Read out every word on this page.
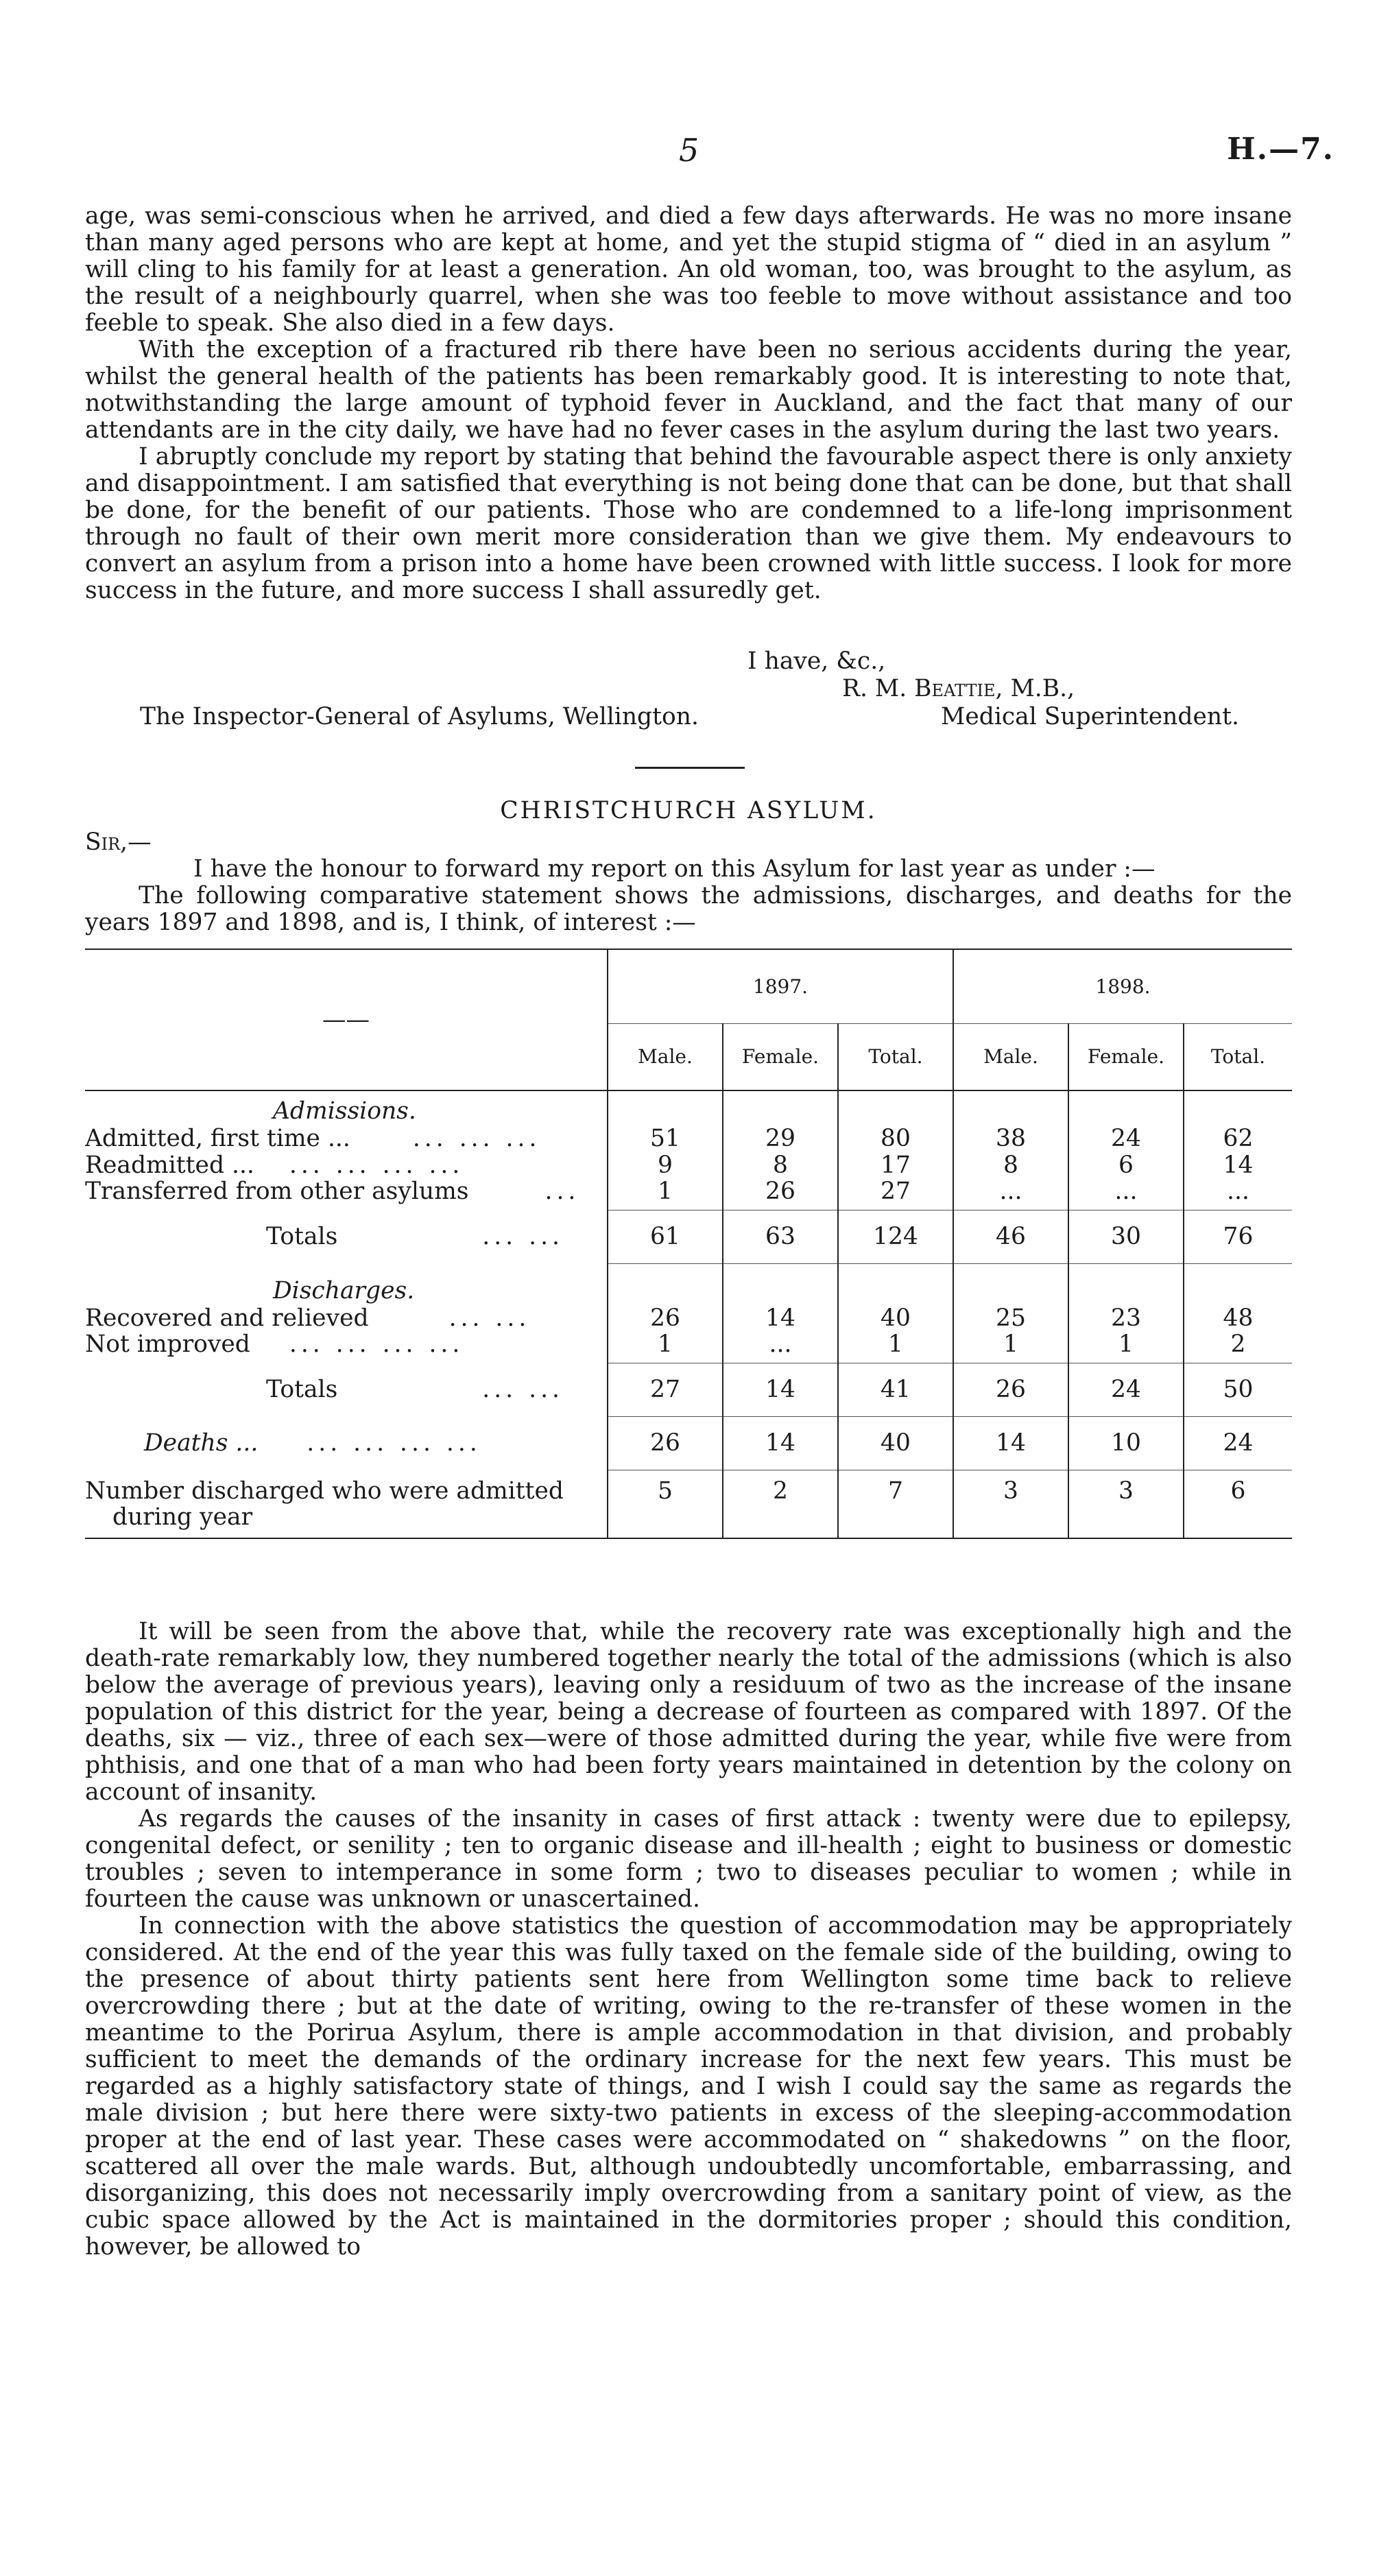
5	H.—7.

age, was semi-conscious when he arrived, and died a few days afterwards. He was no more insane than many aged persons who are kept at home, and yet the stupid stigma of “ died in an asylum ” will cling to his family for at least a generation. An old woman, too, was brought to the asylum, as the result of a neighbourly quarrel, when she was too feeble to move without assistance and too feeble to speak. She also died in a few days.

With the exception of a fractured rib there have been no serious accidents during the year, whilst the general health of the patients has been remarkably good. It is interesting to note that, notwithstanding the large amount of typhoid fever in Auckland, and the fact that many of our attendants are in the city daily, we have had no fever cases in the asylum during the last two years.

I abruptly conclude my report by stating that behind the favourable aspect there is only anxiety and disappointment. I am satisfied that everything is not being done that can be done, but that shall be done, for the benefit of our patients. Those who are condemned to a life-long imprisonment through no fault of their own merit more consideration than we give them. My endeavours to convert an asylum from a prison into a home have been crowned with little success. I look for more success in the future, and more success I shall assuredly get.

I have, &c.,
R. M. Beattie, M.B.,
The Inspector-General of Asylums, Wellington.	Medical Superintendent.
CHRISTCHURCH ASYLUM.

Sir,—

I have the honour to forward my report on this Asylum for last year as under :—

The following comparative statement shows the admissions, discharges, and deaths for the years 1897 and 1898, and is, I think, of interest :—

——	1897.			1898.		
	Male.	Female.	Total.	Male.	Female.	Total.
Admissions.						
Admitted, first time ... ... ... ...	51	29	80	38	24	62
Readmitted ... ... ... ... ...	9	8	17	8	6	14
Transferred from other asylums ...	1	26	27	...	...	...
Totals ... ...	61	63	124	46	30	76
Discharges.						
Recovered and relieved ... ...	26	14	40	25	23	48
Not improved ... ... ... ...	1	...	1	1	1	2
Totals ... ...	27	14	41	26	24	50
Deaths ... ... ... ... ...	26	14	40	14	10	24

Number discharged who were admitted
during year	5	2	7	3	3	6

It will be seen from the above that, while the recovery rate was exceptionally high and the death-rate remarkably low, they numbered together nearly the total of the admissions (which is also below the average of previous years), leaving only a residuum of two as the increase of the insane population of this district for the year, being a decrease of fourteen as compared with 1897. Of the deaths, six — viz., three of each sex—were of those admitted during the year, while five were from phthisis, and one that of a man who had been forty years maintained in detention by the colony on account of insanity.

As regards the causes of the insanity in cases of first attack : twenty were due to epilepsy, congenital defect, or senility ; ten to organic disease and ill-health ; eight to business or domestic troubles ; seven to intemperance in some form ; two to diseases peculiar to women ; while in fourteen the cause was unknown or unascertained.

In connection with the above statistics the question of accommodation may be appropriately considered. At the end of the year this was fully taxed on the female side of the building, owing to the presence of about thirty patients sent here from Wellington some time back to relieve overcrowding there ; but at the date of writing, owing to the re-transfer of these women in the meantime to the Porirua Asylum, there is ample accommodation in that division, and probably sufficient to meet the demands of the ordinary increase for the next few years. This must be regarded as a highly satisfactory state of things, and I wish I could say the same as regards the male division ; but here there were sixty-two patients in excess of the sleeping-accommodation proper at the end of last year. These cases were accommodated on “ shakedowns ” on the floor, scattered all over the male wards. But, although undoubtedly uncomfortable, embarrassing, and disorganizing, this does not necessarily imply overcrowding from a sanitary point of view, as the cubic space allowed by the Act is maintained in the dormitories proper ; should this condition, however, be allowed to
